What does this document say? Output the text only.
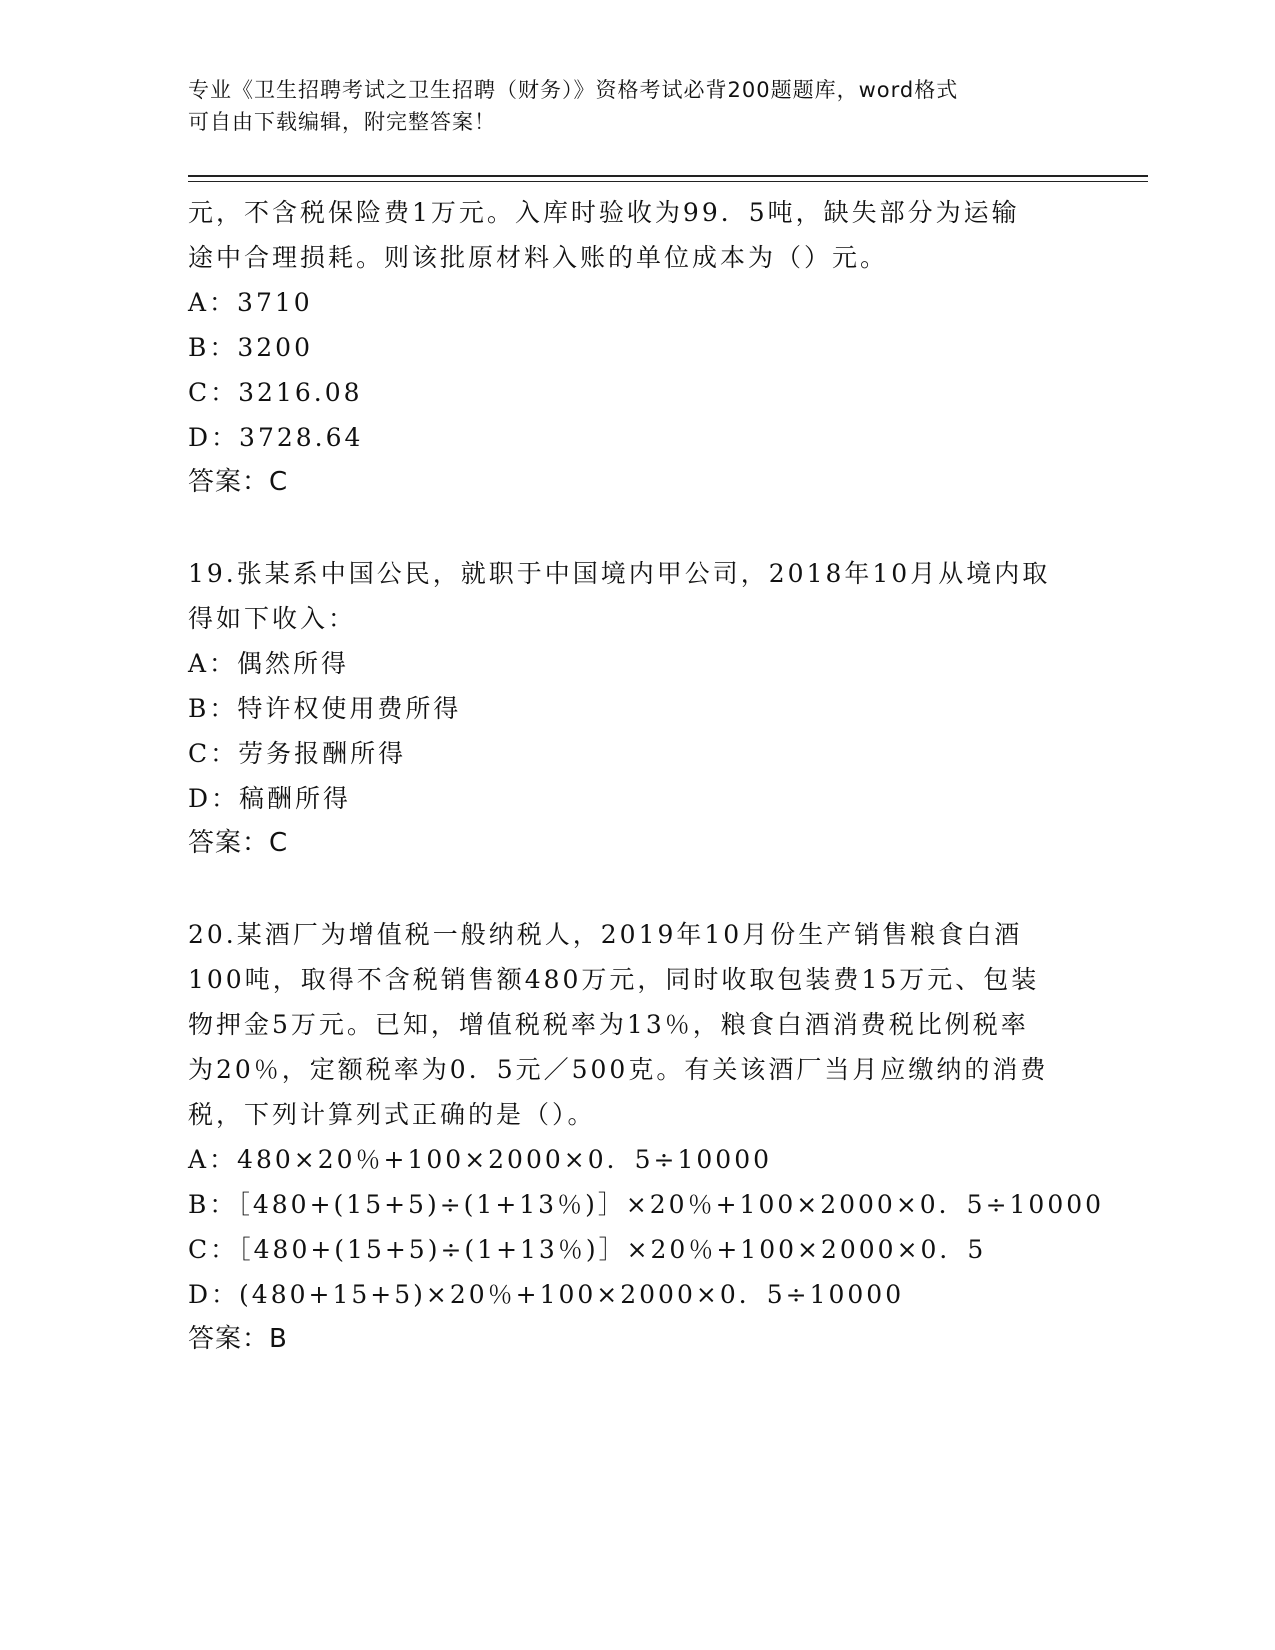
专业《卫生招聘考试之卫生招聘（财务）》资格考试必背200题题库，word格式
可自由下载编辑，附完整答案！
元，不含税保险费1万元。入库时验收为99．5吨，缺失部分为运输
途中合理损耗。则该批原材料入账的单位成本为（）元。
A：3710
B：3200
C：3216.08
D：3728.64
答案：C
19.张某系中国公民，就职于中国境内甲公司，2018年10月从境内取
得如下收入：
A：偶然所得
B：特许权使用费所得
C：劳务报酬所得
D：稿酬所得
答案：C
20.某酒厂为增值税一般纳税人，2019年10月份生产销售粮食白酒
100吨，取得不含税销售额480万元，同时收取包装费15万元、包装
物押金5万元。已知，增值税税率为13％，粮食白酒消费税比例税率
为20％，定额税率为0．5元／500克。有关该酒厂当月应缴纳的消费
税，下列计算列式正确的是（）。
A：480×20％+100×2000×0．5÷10000
B：［480+(15+5)÷(1+13％)］×20％+100×2000×0．5÷10000
C：［480+(15+5)÷(1+13％)］×20％+100×2000×0．5
D：(480+15+5)×20％+100×2000×0．5÷10000
答案：B
